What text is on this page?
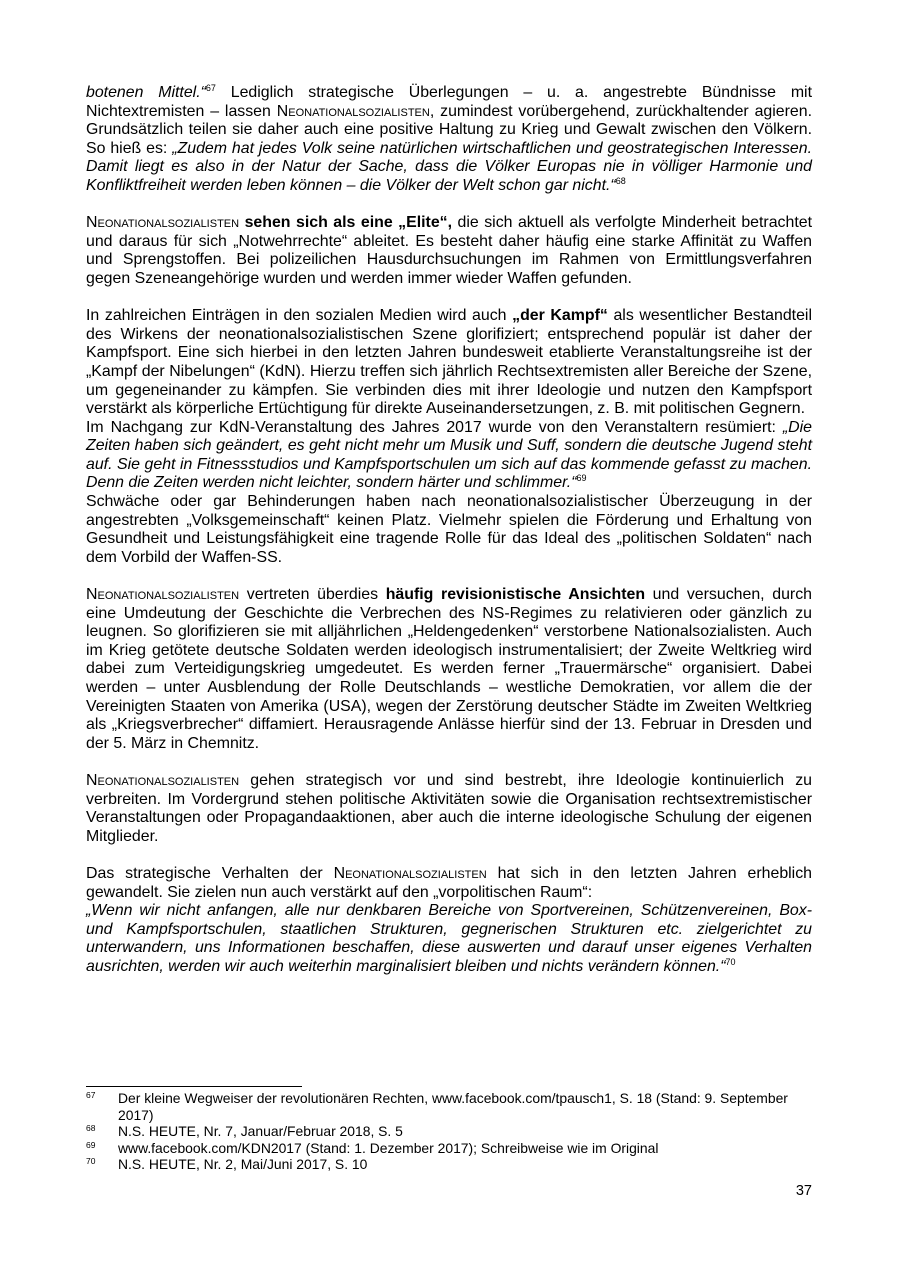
botenen Mittel.“$^{67}$ Lediglich strategische Überlegungen – u. a. angestrebte Bündnisse mit Nichtextremisten – lassen Neonationalsozialisten, zumindest vorübergehend, zurückhaltender agieren. Grundsätzlich teilen sie daher auch eine positive Haltung zu Krieg und Gewalt zwischen den Völkern. So hieß es: „Zudem hat jedes Volk seine natürlichen wirtschaftlichen und geostrategischen Interessen. Damit liegt es also in der Natur der Sache, dass die Völker Europas nie in völliger Harmonie und Konfliktfreiheit werden leben können – die Völker der Welt schon gar nicht.“$^{68}$

Neonationalsozialisten sehen sich als eine „Elite“, die sich aktuell als verfolgte Minderheit betrachtet und daraus für sich „Notwehrrechte“ ableitet. Es besteht daher häufig eine starke Affinität zu Waffen und Sprengstoffen. Bei polizeilichen Hausdurchsuchungen im Rahmen von Ermittlungsverfahren gegen Szeneangehörige wurden und werden immer wieder Waffen gefunden.

In zahlreichen Einträgen in den sozialen Medien wird auch „der Kampf“ als wesentlicher Bestandteil des Wirkens der neonationalsozialistischen Szene glorifiziert; entsprechend populär ist daher der Kampfsport. Eine sich hierbei in den letzten Jahren bundesweit etablierte Veranstaltungsreihe ist der „Kampf der Nibelungen“ (KdN). Hierzu treffen sich jährlich Rechtsextremisten aller Bereiche der Szene, um gegeneinander zu kämpfen. Sie verbinden dies mit ihrer Ideologie und nutzen den Kampfsport verstärkt als körperliche Ertüchtigung für direkte Auseinandersetzungen, z. B. mit politischen Gegnern.

Im Nachgang zur KdN-Veranstaltung des Jahres 2017 wurde von den Veranstaltern resümiert: „Die Zeiten haben sich geändert, es geht nicht mehr um Musik und Suff, sondern die deutsche Jugend steht auf. Sie geht in Fitnessstudios und Kampfsportschulen um sich auf das kommende gefasst zu machen. Denn die Zeiten werden nicht leichter, sondern härter und schlimmer.“$^{69}$

Schwäche oder gar Behinderungen haben nach neonationalsozialistischer Überzeugung in der angestrebten „Volksgemeinschaft“ keinen Platz. Vielmehr spielen die Förderung und Erhaltung von Gesundheit und Leistungsfähigkeit eine tragende Rolle für das Ideal des „politischen Soldaten“ nach dem Vorbild der Waffen-SS.

Neonationalsozialisten vertreten überdies häufig revisionistische Ansichten und versuchen, durch eine Umdeutung der Geschichte die Verbrechen des NS-Regimes zu relativieren oder gänzlich zu leugnen. So glorifizieren sie mit alljährlichen „Heldengedenken“ verstorbene Nationalsozialisten. Auch im Krieg getötete deutsche Soldaten werden ideologisch instrumentalisiert; der Zweite Weltkrieg wird dabei zum Verteidigungskrieg umgedeutet. Es werden ferner „Trauermärsche“ organisiert. Dabei werden – unter Ausblendung der Rolle Deutschlands – westliche Demokratien, vor allem die der Vereinigten Staaten von Amerika (USA), wegen der Zerstörung deutscher Städte im Zweiten Weltkrieg als „Kriegsverbrecher“ diffamiert. Herausragende Anlässe hierfür sind der 13. Februar in Dresden und der 5. März in Chemnitz.

Neonationalsozialisten gehen strategisch vor und sind bestrebt, ihre Ideologie kontinuierlich zu verbreiten. Im Vordergrund stehen politische Aktivitäten sowie die Organisation rechtsextremistischer Veranstaltungen oder Propagandaaktionen, aber auch die interne ideologische Schulung der eigenen Mitglieder.

Das strategische Verhalten der Neonationalsozialisten hat sich in den letzten Jahren erheblich gewandelt. Sie zielen nun auch verstärkt auf den „vorpolitischen Raum“:

„Wenn wir nicht anfangen, alle nur denkbaren Bereiche von Sportvereinen, Schützenvereinen, Box- und Kampfsportschulen, staatlichen Strukturen, gegnerischen Strukturen etc. zielgerichtet zu unterwandern, uns Informationen beschaffen, diese auswerten und darauf unser eigenes Verhalten ausrichten, werden wir auch weiterhin marginalisiert bleiben und nichts verändern können.“$^{70}$

67 Der kleine Wegweiser der revolutionären Rechten, www.facebook.com/tpausch1, S. 18 (Stand: 9. September 2017)
68 N.S. HEUTE, Nr. 7, Januar/Februar 2018, S. 5
69 www.facebook.com/KDN2017 (Stand: 1. Dezember 2017); Schreibweise wie im Original
70 N.S. HEUTE, Nr. 2, Mai/Juni 2017, S. 10
37
